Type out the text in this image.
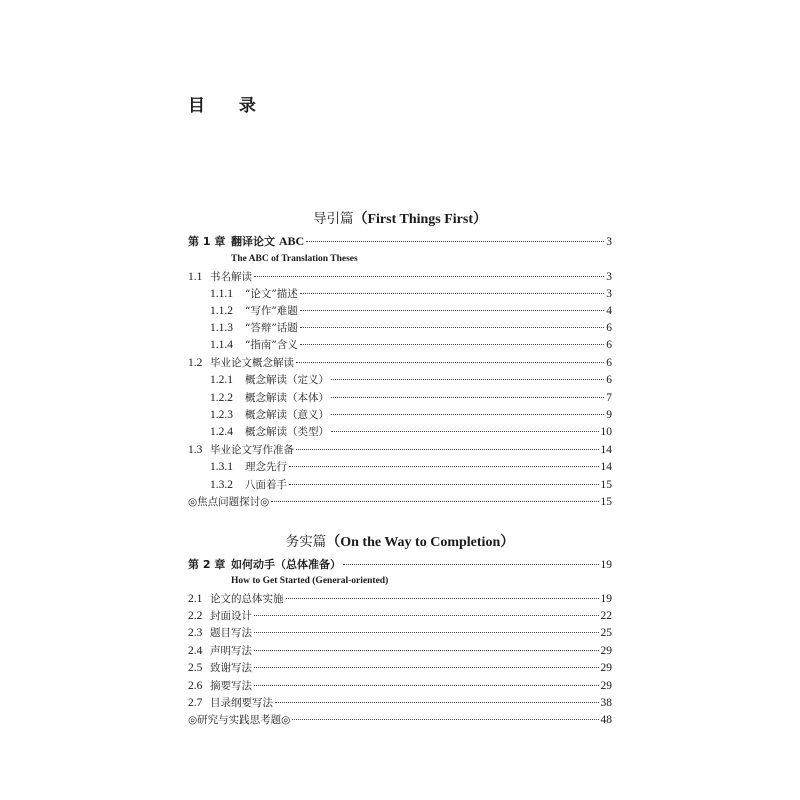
目 录
导引篇（First Things First）
第 1 章 翻译论文 ABC	3
The ABC of Translation Theses
1.1 书名解读	3
1.1.1	“论文”描述	3
1.1.2	“写作”难题	4
1.1.3	“答辩”话题	6
1.1.4	“指南”含义	6
1.2 毕业论文概念解读	6
1.2.1	概念解读（定义）	6
1.2.2	概念解读（本体）	7
1.2.3	概念解读（意义）	9
1.2.4	概念解读（类型）	10
1.3 毕业论文写作准备	14
1.3.1	理念先行	14
1.3.2	八面着手	15
◎焦点问题探讨◎	15
务实篇（On the Way to Completion）
第 2 章 如何动手（总体准备）	19
How to Get Started (General-oriented)
2.1 论文的总体实施	19
2.2 封面设计	22
2.3 题目写法	25
2.4 声明写法	29
2.5 致谢写法	29
2.6 摘要写法	29
2.7 目录纲要写法	38
◎研究与实践思考题◎	48
